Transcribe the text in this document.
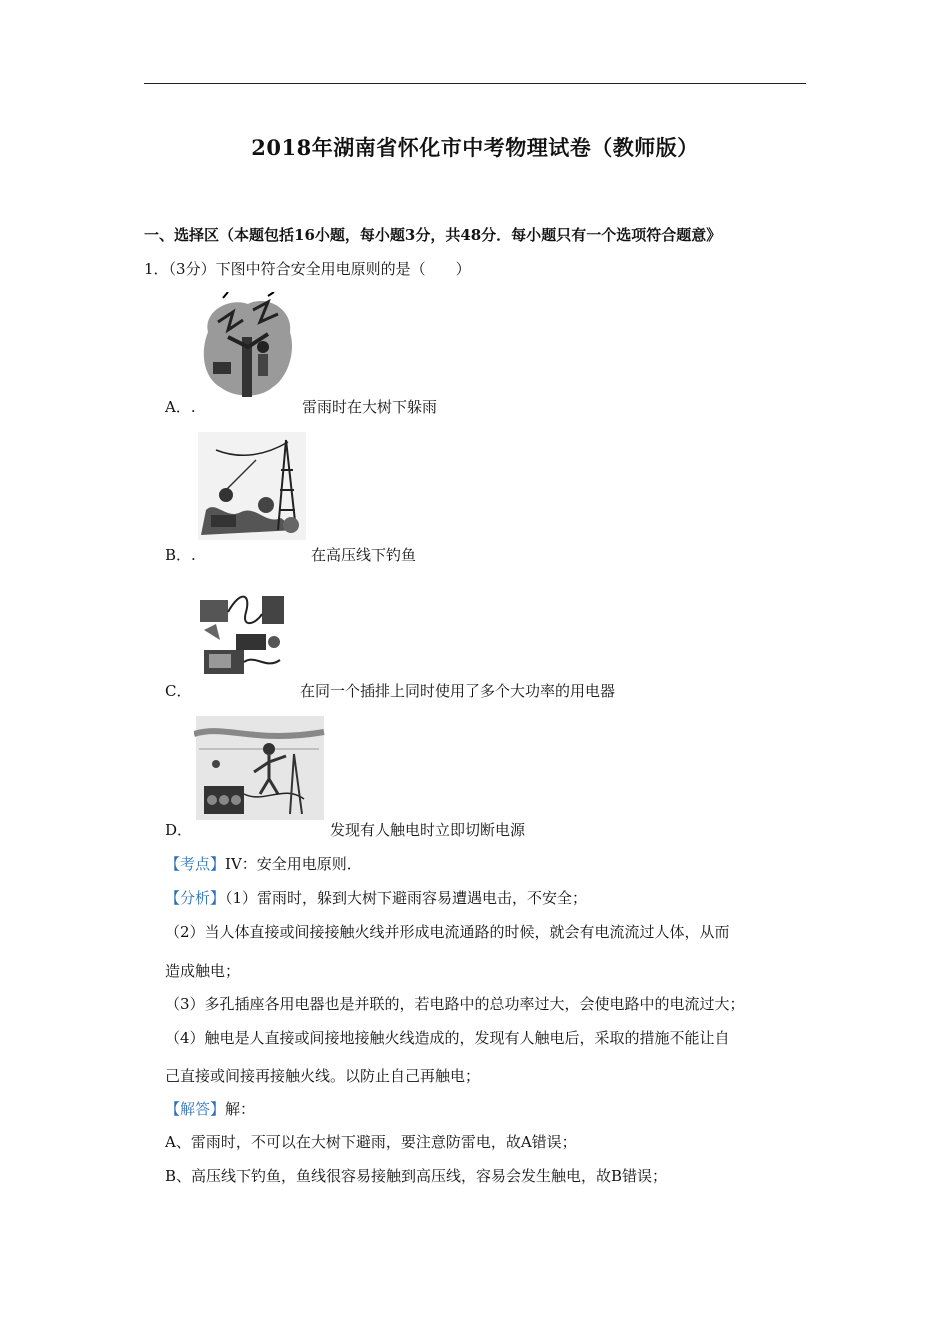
2018年湖南省怀化市中考物理试卷（教师版）
一、选择区（本题包括16小题，每小题3分，共48分．每小题只有一个选项符合题意》
1．（3分）下图中符合安全用电原则的是（　　）
A．.	雷雨时在大树下躲雨
B．.	在高压线下钓鱼
C．	在同一个插排上同时使用了多个大功率的用电器
D．	发现有人触电时立即切断电源
【考点】IV：安全用电原则．
【分析】（1）雷雨时，躲到大树下避雨容易遭遇电击，不安全；
（2）当人体直接或间接接触火线并形成电流通路的时候，就会有电流流过人体，从而
造成触电；
（3）多孔插座各用电器也是并联的，若电路中的总功率过大，会使电路中的电流过大；
（4）触电是人直接或间接地接触火线造成的，发现有人触电后，采取的措施不能让自
己直接或间接再接触火线。以防止自己再触电；
【解答】解：
A、雷雨时，不可以在大树下避雨，要注意防雷电，故A错误；
B、高压线下钓鱼，鱼线很容易接触到高压线，容易会发生触电，故B错误；
